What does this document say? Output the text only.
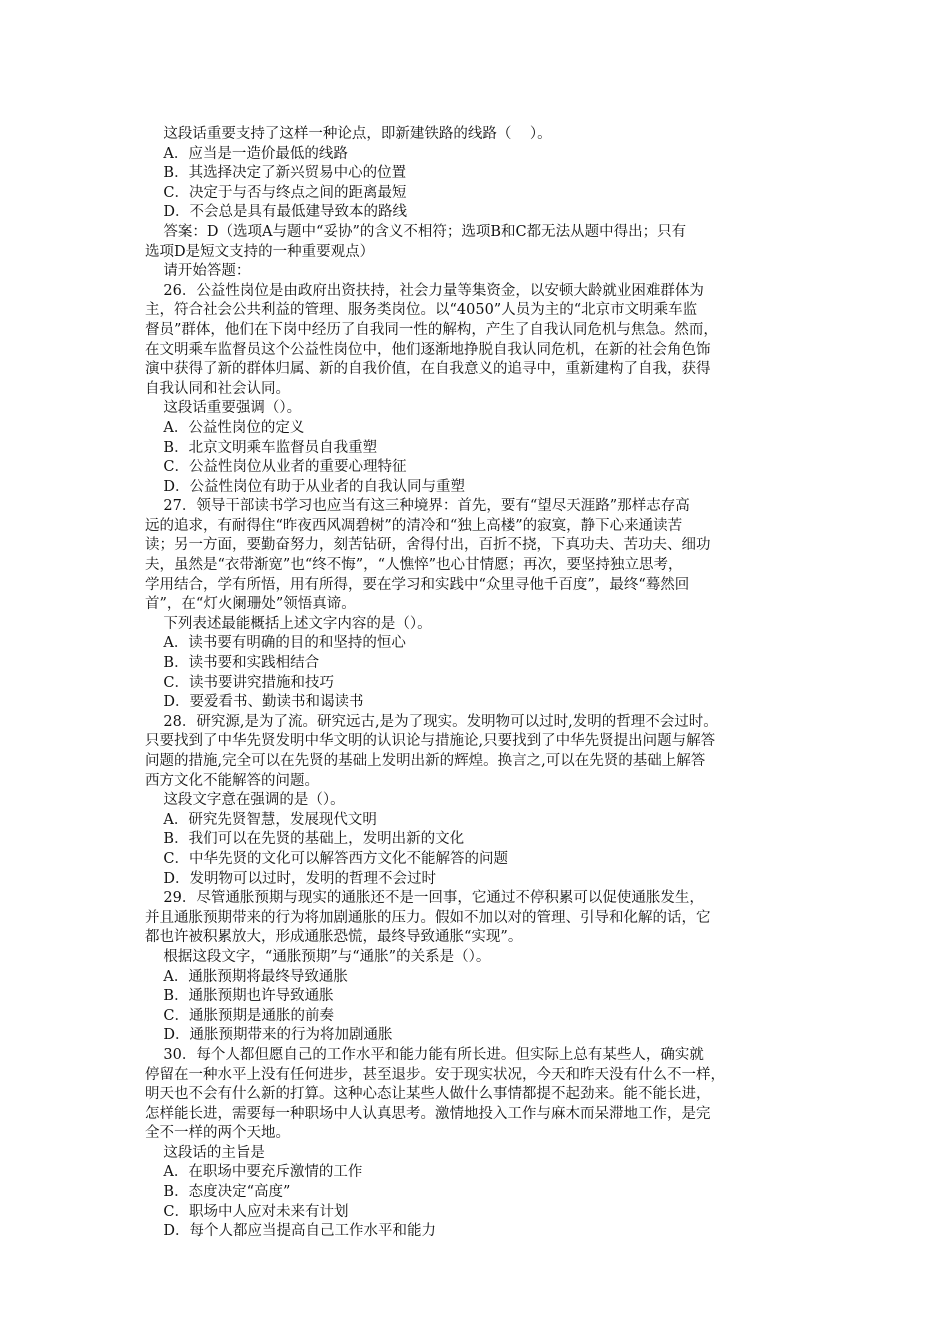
这段话重要支持了这样一种论点，即新建铁路的线路（    ）。
A．应当是一造价最低的线路
B．其选择决定了新兴贸易中心的位置
C．决定于与否与终点之间的距离最短
D．不会总是具有最低建导致本的路线
答案：D（选项A与题中“妥协”的含义不相符；选项B和C都无法从题中得出；只有
选项D是短文支持的一种重要观点）
请开始答题：
26．公益性岗位是由政府出资扶持，社会力量等集资金，以安顿大龄就业困难群体为
主，符合社会公共利益的管理、服务类岗位。以“4050”人员为主的“北京市文明乘车监
督员”群体，他们在下岗中经历了自我同一性的解构，产生了自我认同危机与焦急。然而，
在文明乘车监督员这个公益性岗位中，他们逐渐地挣脱自我认同危机，在新的社会角色饰
演中获得了新的群体归属、新的自我价值，在自我意义的追寻中，重新建构了自我，获得
自我认同和社会认同。
这段话重要强调（）。
A．公益性岗位的定义
B．北京文明乘车监督员自我重塑
C．公益性岗位从业者的重要心理特征
D．公益性岗位有助于从业者的自我认同与重塑
27．领导干部读书学习也应当有这三种境界：首先，要有“望尽天涯路”那样志存高
远的追求，有耐得住“昨夜西风凋碧树”的清冷和“独上高楼”的寂寞，静下心来通读苦
读；另一方面，要勤奋努力，刻苦钻研，舍得付出，百折不挠，下真功夫、苦功夫、细功
夫，虽然是“衣带渐宽”也“终不悔”，“人憔悴”也心甘情愿；再次，要坚持独立思考，
学用结合，学有所悟，用有所得，要在学习和实践中“众里寻他千百度”，最终“蓦然回
首”，在“灯火阑珊处”领悟真谛。
下列表述最能概括上述文字内容的是（）。
A．读书要有明确的目的和坚持的恒心
B．读书要和实践相结合
C．读书要讲究措施和技巧
D．要爱看书、勤读书和谒读书
28．研究源,是为了流。研究远古,是为了现实。发明物可以过时,发明的哲理不会过时。
只要找到了中华先贤发明中华文明的认识论与措施论,只要找到了中华先贤提出问题与解答
问题的措施,完全可以在先贤的基础上发明出新的辉煌。换言之,可以在先贤的基础上解答
西方文化不能解答的问题。
这段文字意在强调的是（）。
A．研究先贤智慧，发展现代文明
B．我们可以在先贤的基础上，发明出新的文化
C．中华先贤的文化可以解答西方文化不能解答的问题
D．发明物可以过时，发明的哲理不会过时
29．尽管通胀预期与现实的通胀还不是一回事，它通过不停积累可以促使通胀发生，
并且通胀预期带来的行为将加剧通胀的压力。假如不加以对的管理、引导和化解的话，它
都也许被积累放大，形成通胀恐慌，最终导致通胀“实现”。
根据这段文字，“通胀预期”与“通胀”的关系是（）。
A．通胀预期将最终导致通胀
B．通胀预期也许导致通胀
C．通胀预期是通胀的前奏
D．通胀预期带来的行为将加剧通胀
30．每个人都但愿自己的工作水平和能力能有所长进。但实际上总有某些人，确实就
停留在一种水平上没有任何进步，甚至退步。安于现实状况，今天和昨天没有什么不一样，
明天也不会有什么新的打算。这种心态让某些人做什么事情都提不起劲来。能不能长进，
怎样能长进，需要每一种职场中人认真思考。激情地投入工作与麻木而呆滞地工作，是完
全不一样的两个天地。
这段话的主旨是
A．在职场中要充斥激情的工作
B．态度决定“高度”
C．职场中人应对未来有计划
D．每个人都应当提高自己工作水平和能力
